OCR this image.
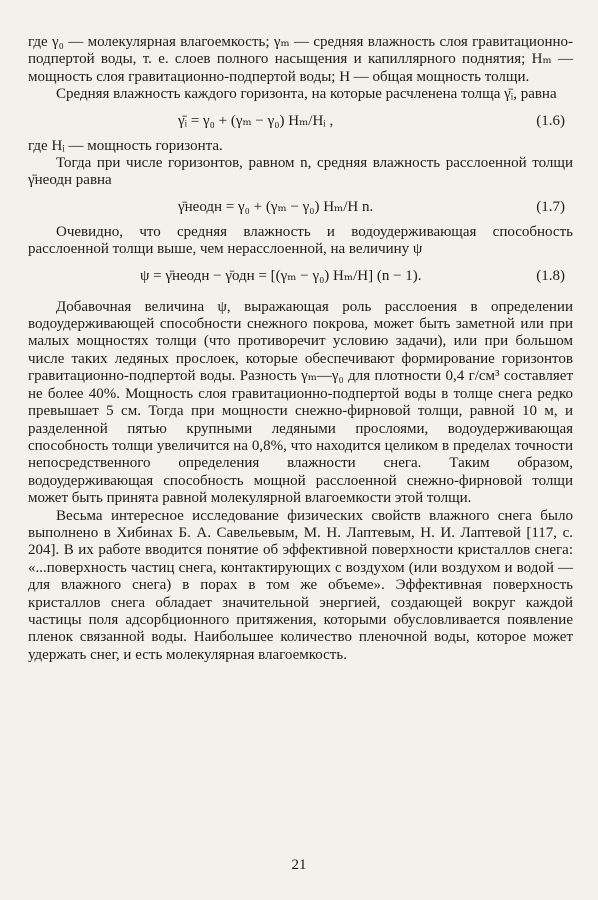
где γ₀ — молекулярная влагоемкость; γₘ — средняя влажность слоя гравитационно-подпертой воды, т. е. слоев полного насыщения и капиллярного поднятия; Hₘ — мощность слоя гравитационно-подпертой воды; H — общая мощность толщи.

Средняя влажность каждого горизонта, на которые расчленена толща γ̄ᵢ, равна

γ̄ᵢ = γ₀ + (γₘ − γ₀) Hₘ/Hᵢ ,	(1.6)

где Hᵢ — мощность горизонта.

Тогда при числе горизонтов, равном n, средняя влажность расслоенной толщи γ̄неодн равна

γ̄неодн = γ₀ + (γₘ − γ₀) Hₘ/H n.	(1.7)

Очевидно, что средняя влажность и водоудерживающая способность расслоенной толщи выше, чем нерасслоенной, на величину ψ

ψ = γ̄неодн − γ̄одн = [(γₘ − γ₀) Hₘ/H] (n − 1).	(1.8)

Добавочная величина ψ, выражающая роль расслоения в определении водоудерживающей способности снежного покрова, может быть заметной или при малых мощностях толщи (что противоречит условию задачи), или при большом числе таких ледяных прослоек, которые обеспечивают формирование горизонтов гравитационно-подпертой воды. Разность γₘ—γ₀ для плотности 0,4 г/см³ составляет не более 40%. Мощность слоя гравитационно-подпертой воды в толще снега редко превышает 5 см. Тогда при мощности снежно-фирновой толщи, равной 10 м, и разделенной пятью крупными ледяными прослоями, водоудерживающая способность толщи увеличится на 0,8%, что находится целиком в пределах точности непосредственного определения влажности снега. Таким образом, водоудерживающая способность мощной расслоенной снежно-фирновой толщи может быть принята равной молекулярной влагоемкости этой толщи.

Весьма интересное исследование физических свойств влажного снега было выполнено в Хибинах Б. А. Савельевым, М. Н. Лаптевым, Н. И. Лаптевой [117, с. 204]. В их работе вводится понятие об эффективной поверхности кристаллов снега: «...поверхность частиц снега, контактирующих с воздухом (или воздухом и водой — для влажного снега) в порах в том же объеме». Эффективная поверхность кристаллов снега обладает значительной энергией, создающей вокруг каждой частицы поля адсорбционного притяжения, которыми обусловливается появление пленок связанной воды. Наибольшее количество пленочной воды, которое может удержать снег, и есть молекулярная влагоемкость.

21
